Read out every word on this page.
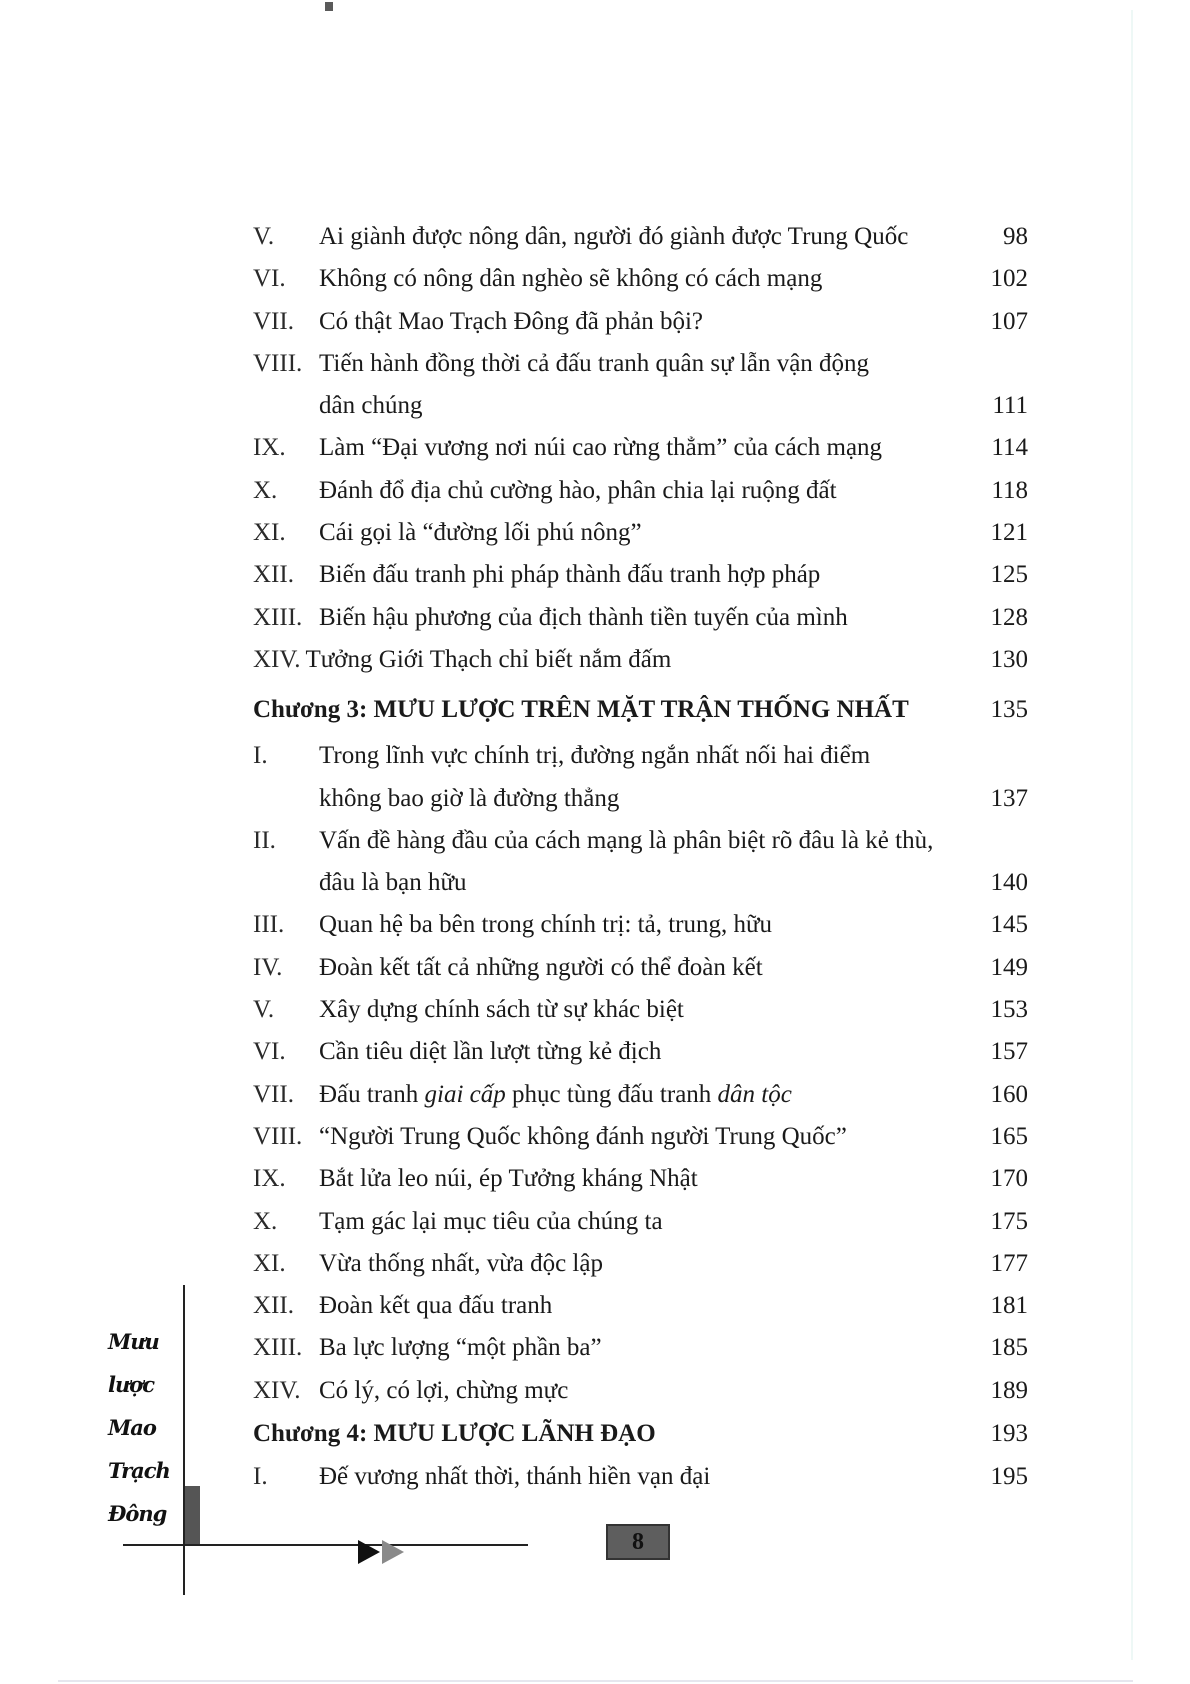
V.	Ai giành được nông dân, người đó giành được Trung Quốc	98
VI.	Không có nông dân nghèo sẽ không có cách mạng	102
VII.	Có thật Mao Trạch Đông đã phản bội?	107
VIII. Tiến hành đồng thời cả đấu tranh quân sự lẫn vận động
dân chúng	111
IX.	Làm “Đại vương nơi núi cao rừng thẳm” của cách mạng	114
X.	Đánh đổ địa chủ cường hào, phân chia lại ruộng đất	118
XI.	Cái gọi là “đường lối phú nông”	121
XII.	Biến đấu tranh phi pháp thành đấu tranh hợp pháp	125
XIII. Biến hậu phương của địch thành tiền tuyến của mình	128
XIV. Tưởng Giới Thạch chỉ biết nắm đấm	130
Chương 3: MƯU LƯỢC TRÊN MẶT TRẬN THỐNG NHẤT	135
I.	Trong lĩnh vực chính trị, đường ngắn nhất nối hai điểm
không bao giờ là đường thẳng	137
II.	Vấn đề hàng đầu của cách mạng là phân biệt rõ đâu là kẻ thù,
đâu là bạn hữu	140
III.	Quan hệ ba bên trong chính trị: tả, trung, hữu	145
IV.	Đoàn kết tất cả những người có thể đoàn kết	149
V.	Xây dựng chính sách từ sự khác biệt	153
VI.	Cần tiêu diệt lần lượt từng kẻ địch	157
VII.	Đấu tranh giai cấp phục tùng đấu tranh dân tộc	160
VIII. “Người Trung Quốc không đánh người Trung Quốc”	165
IX.	Bắt lửa leo núi, ép Tưởng kháng Nhật	170
X.	Tạm gác lại mục tiêu của chúng ta	175
XI.	Vừa thống nhất, vừa độc lập	177
XII.	Đoàn kết qua đấu tranh	181
XIII. Ba lực lượng “một phần ba”	185
XIV. Có lý, có lợi, chừng mực	189
Chương 4: MƯU LƯỢC LÃNH ĐẠO	193
I.	Đế vương nhất thời, thánh hiền vạn đại	195
Mưu
lược
Mao
Trạch
Đông
8
